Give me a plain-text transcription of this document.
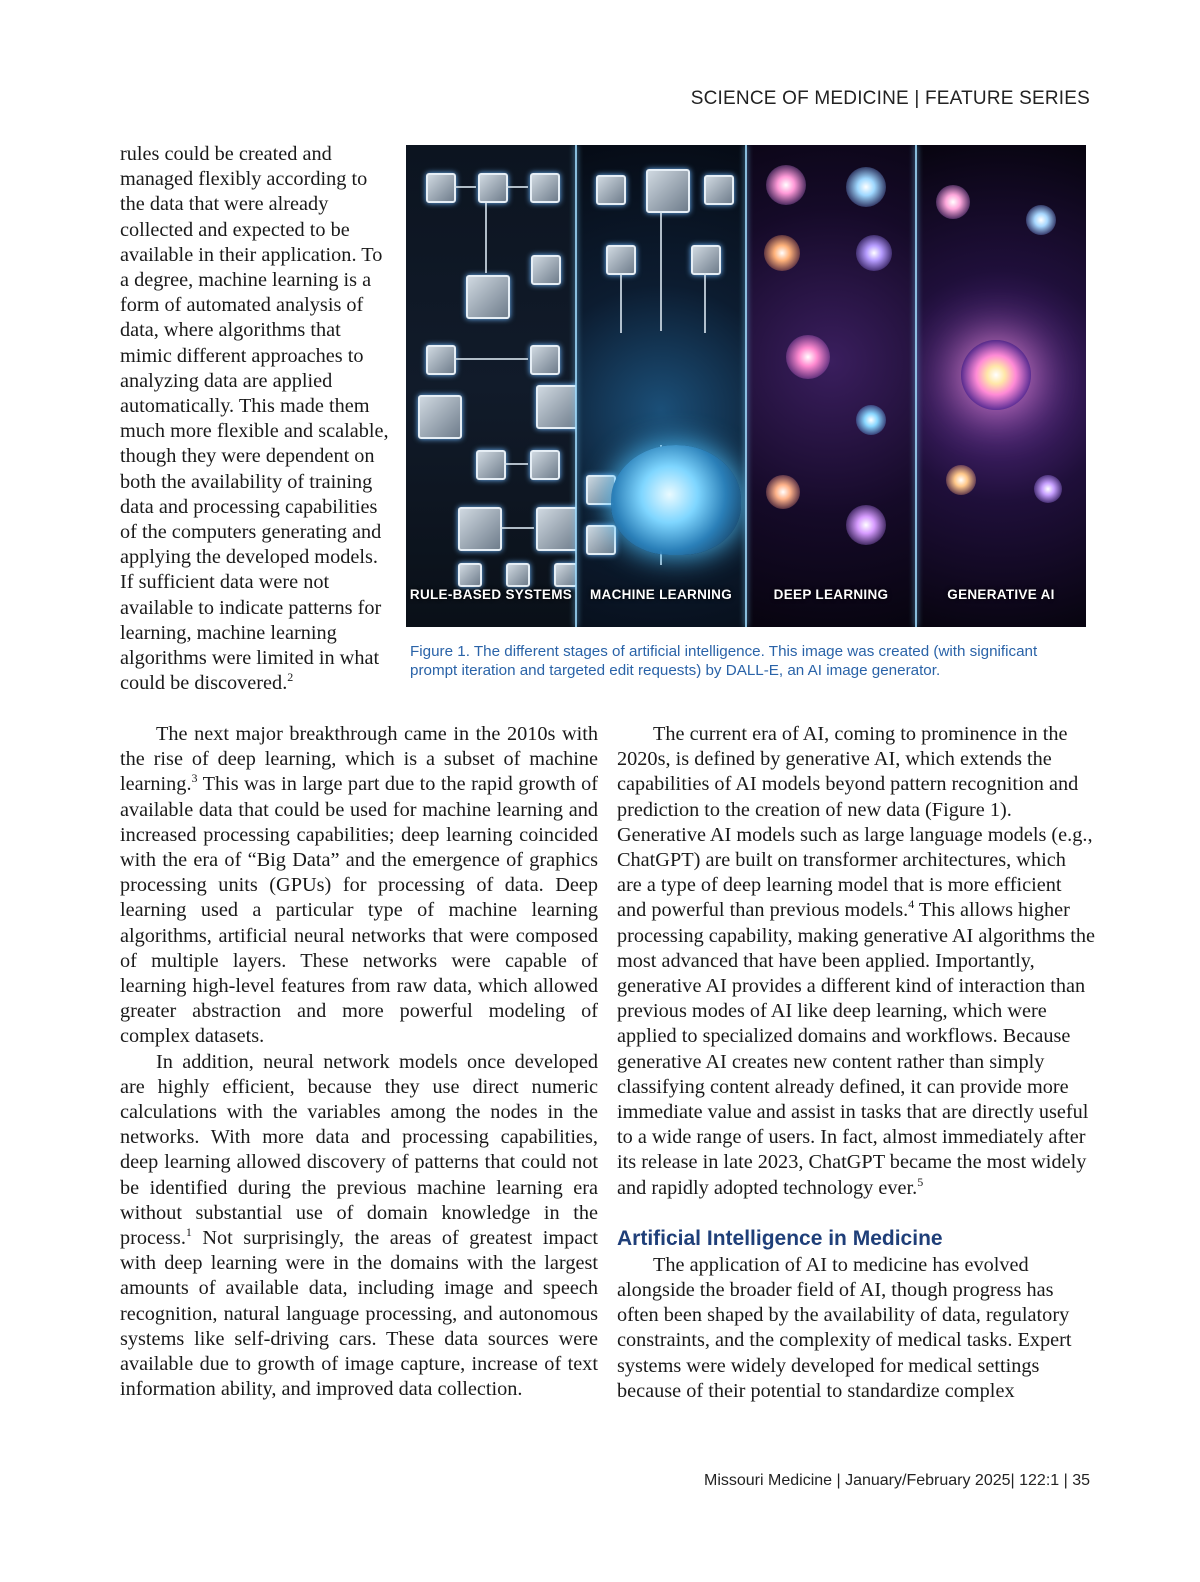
SCIENCE OF MEDICINE | FEATURE SERIES
RULE-BASED SYSTEMS	MACHINE LEARNING	DEEP LEARNING	GENERATIVE AI
Figure 1. The different stages of artificial intelligence. This image was created (with significant prompt iteration and targeted edit requests) by DALL-E, an AI image generator.

rules could be created and managed flexibly according to the data that were already collected and expected to be available in their application. To a degree, machine learning is a form of automated analysis of data, where algorithms that mimic different approaches to analyzing data are applied automatically. This made them much more flexible and scalable, though they were dependent on both the availability of training data and processing capabilities of the computers generating and applying the developed models. If sufficient data were not available to indicate patterns for learning, machine learning algorithms were limited in what could be discovered.$^2$

The next major breakthrough came in the 2010s with the rise of deep learning, which is a subset of machine learning.$^3$ This was in large part due to the rapid growth of available data that could be used for machine learning and increased processing capabilities; deep learning coincided with the era of “Big Data” and the emergence of graphics processing units (GPUs) for processing of data. Deep learning used a particular type of machine learning algorithms, artificial neural networks that were composed of multiple layers. These networks were capable of learning high-level features from raw data, which allowed greater abstraction and more powerful modeling of complex datasets.

In addition, neural network models once developed are highly efficient, because they use direct numeric calculations with the variables among the nodes in the networks. With more data and processing capabilities, deep learning allowed discovery of patterns that could not be identified during the previous machine learning era without substantial use of domain knowledge in the process.$^1$ Not surprisingly, the areas of greatest impact with deep learning were in the domains with the largest amounts of available data, including image and speech recognition, natural language processing, and autonomous systems like self-driving cars. These data sources were available due to growth of image capture, increase of text information ability, and improved data collection.

The current era of AI, coming to prominence in the 2020s, is defined by generative AI, which extends the capabilities of AI models beyond pattern recognition and prediction to the creation of new data (Figure 1). Generative AI models such as large language models (e.g., ChatGPT) are built on transformer architectures, which are a type of deep learning model that is more efficient and powerful than previous models.$^4$ This allows higher processing capability, making generative AI algorithms the most advanced that have been applied. Importantly, generative AI provides a different kind of interaction than previous modes of AI like deep learning, which were applied to specialized domains and workflows. Because generative AI creates new content rather than simply classifying content already defined, it can provide more immediate value and assist in tasks that are directly useful to a wide range of users. In fact, almost immediately after its release in late 2023, ChatGPT became the most widely and rapidly adopted technology ever.$^5$

Artificial Intelligence in Medicine

The application of AI to medicine has evolved alongside the broader field of AI, though progress has often been shaped by the availability of data, regulatory constraints, and the complexity of medical tasks. Expert systems were widely developed for medical settings because of their potential to standardize complex

Missouri Medicine | January/February 2025| 122:1 | 35
